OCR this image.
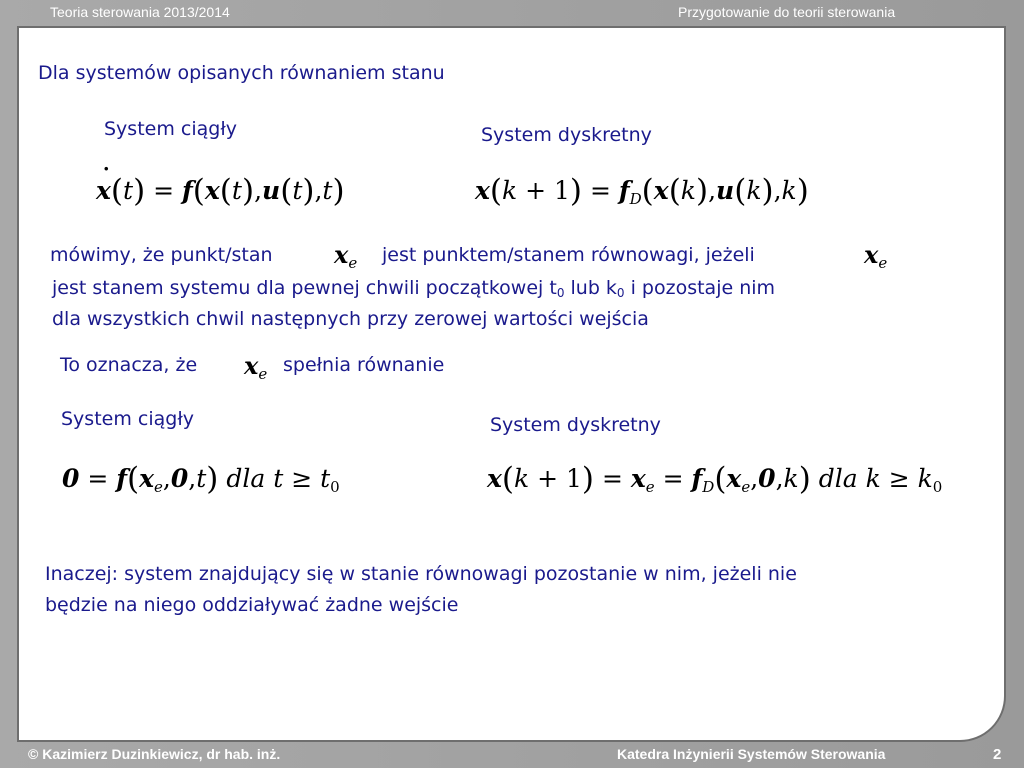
Teoria sterowania 2013/2014	Przygotowanie do teorii sterowania
Dla systemów opisanych równaniem stanu
System ciągły	System dyskretny
˙ x(t) = f(x(t),u(t),t)	$x(k + 1) = f_D(x(k),u(k),k)$
mówimy, że punkt/stan	$x_e$ jest punktem/stanem równowagi, jeżeli	$x_e$
jest stanem systemu dla pewnej chwili początkowej $t_0$ lub $k_0$ i pozostaje nim
dla wszystkich chwil następnych przy zerowej wartości wejścia
To oznacza, że $x_e$ spełnia równanie
System ciągły	System dyskretny
$0 = f(x_e,0,t)$ dla $t \ge t_0$	$x(k + 1) = x_e = f_D(x_e,0,k)$ dla $k \ge k_0$
Inaczej: system znajdujący się w stanie równowagi pozostanie w nim, jeżeli nie
będzie na niego oddziaływać żadne wejście
© Kazimierz Duzinkiewicz, dr hab. inż.	Katedra Inżynierii Systemów Sterowania	2
